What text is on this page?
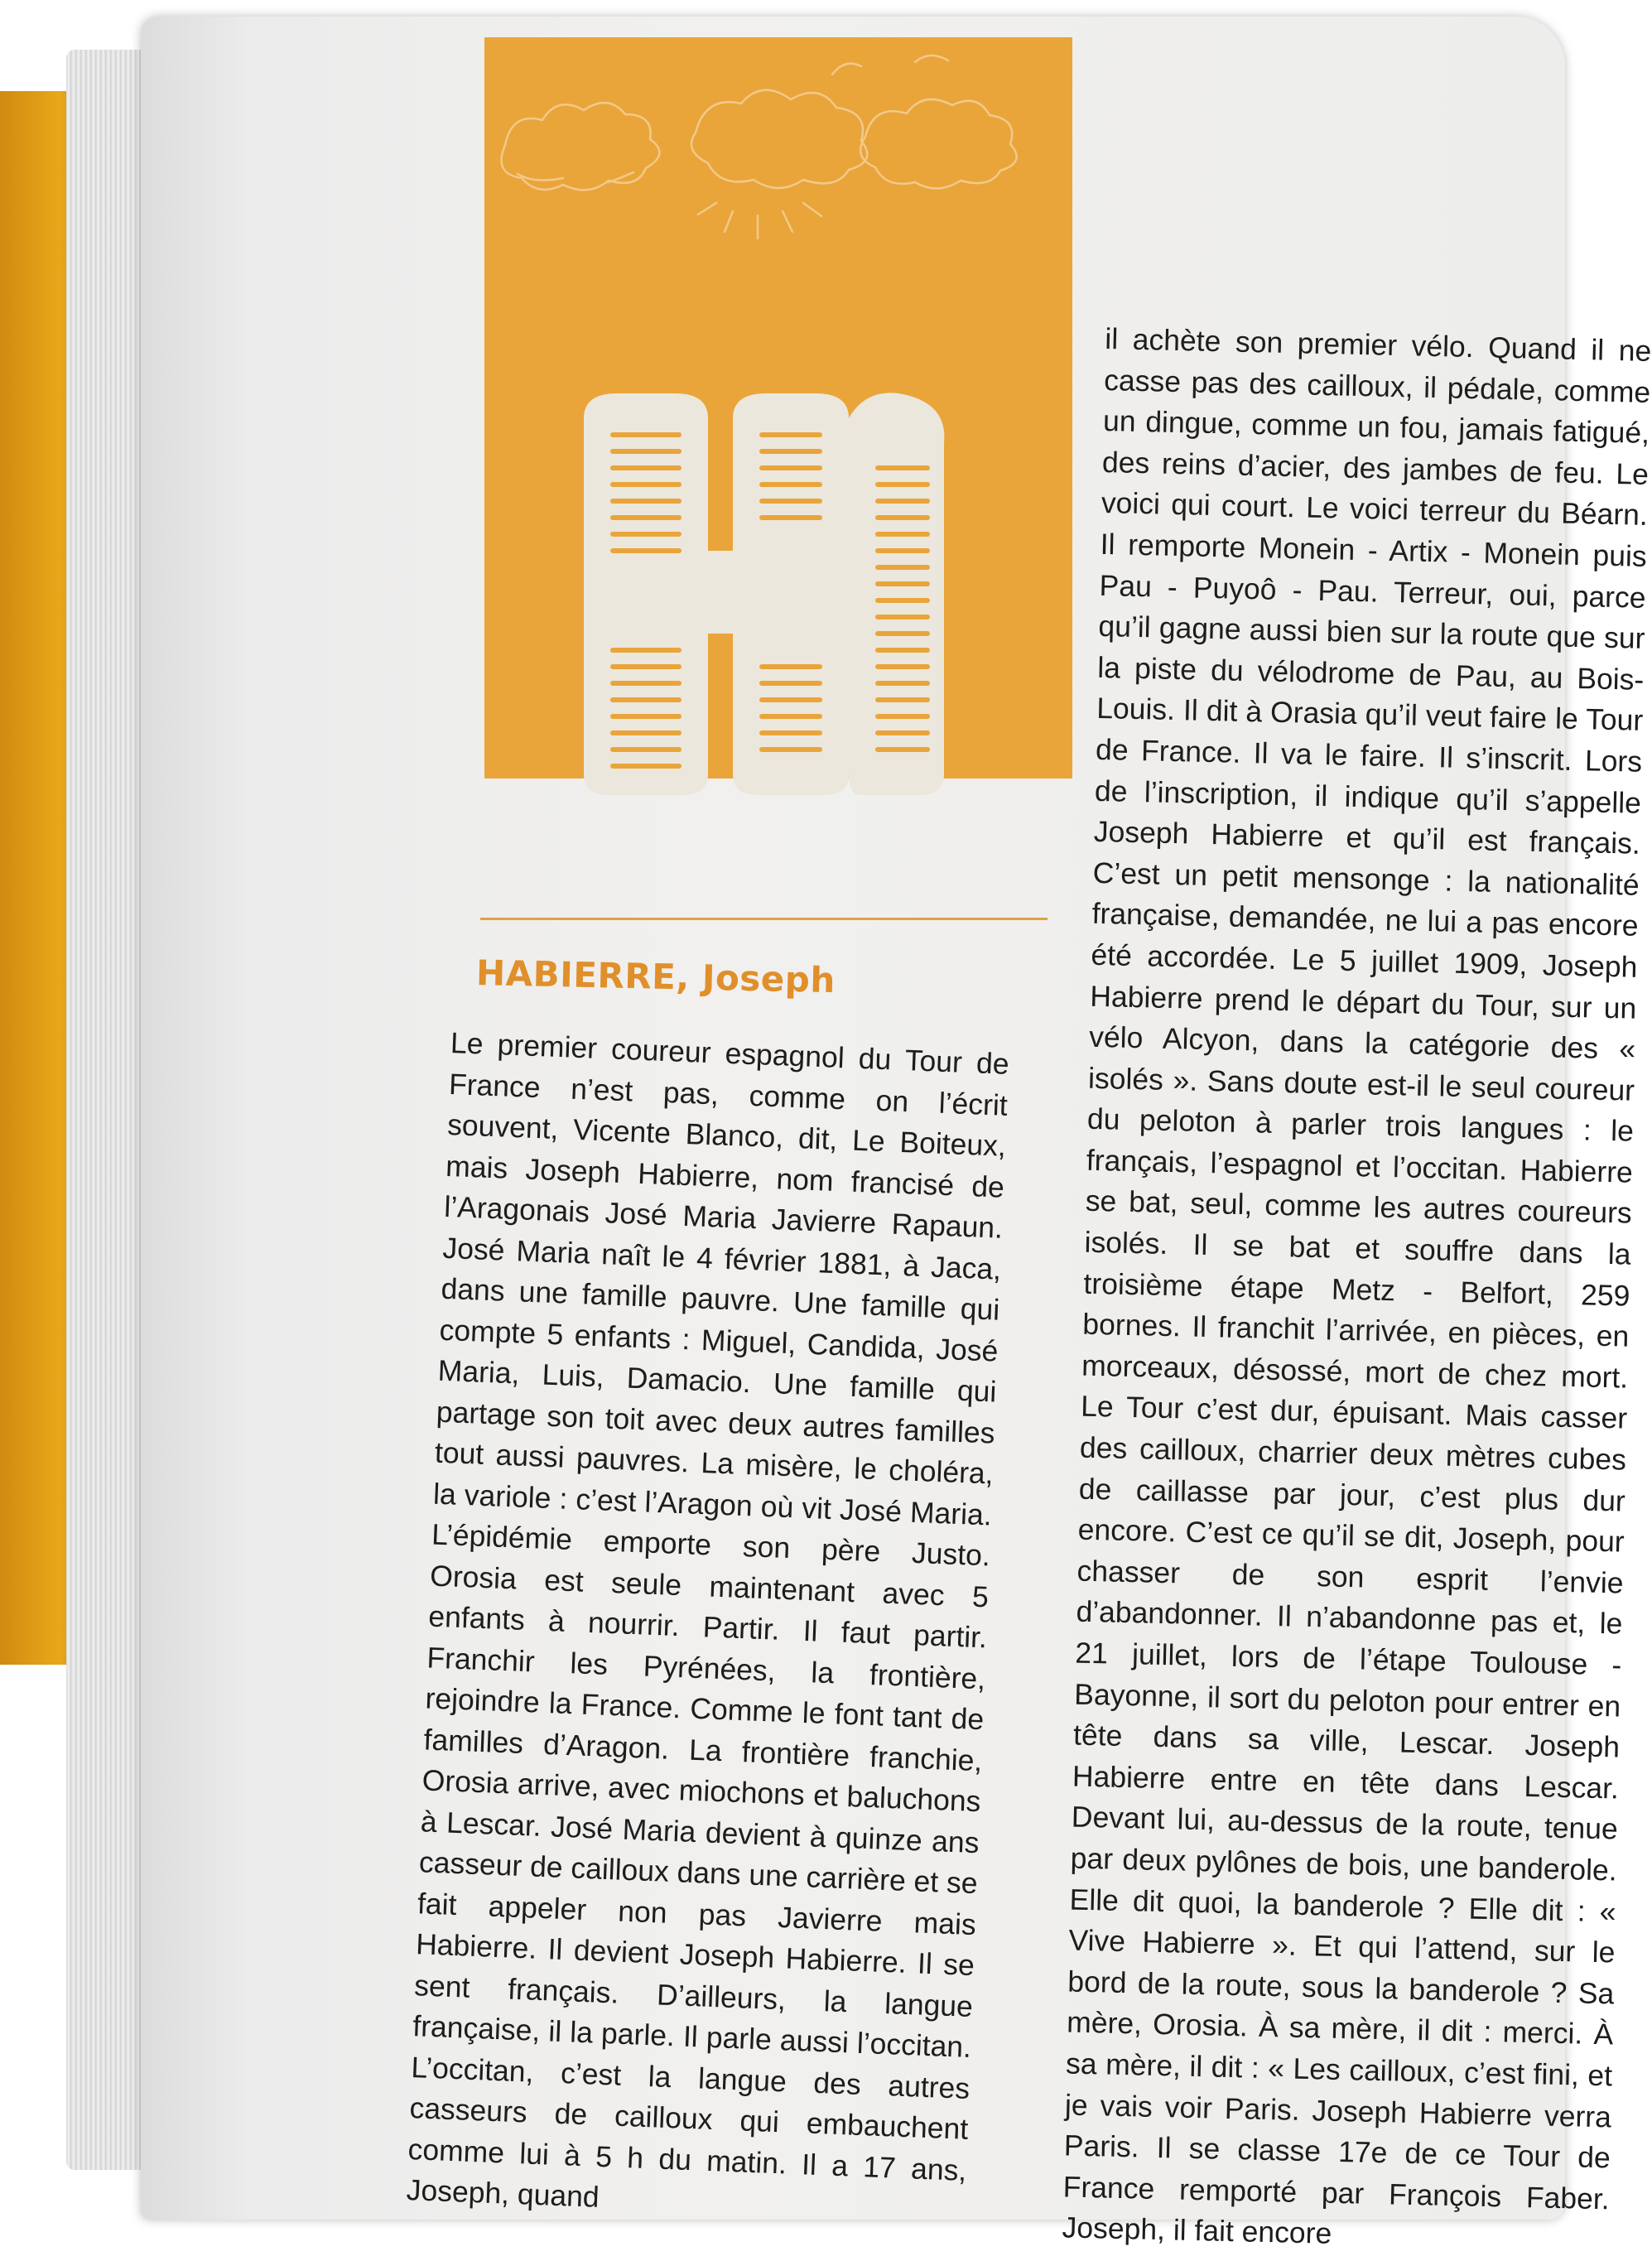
HABIERRE, Joseph

Le premier coureur espagnol du Tour de France n’est pas, comme on l’écrit souvent, Vicente Blanco, dit, Le Boiteux, mais Joseph Habierre, nom francisé de l’Aragonais José Maria Javierre Rapaun. José Maria naît le 4 février 1881, à Jaca, dans une famille pauvre. Une famille qui compte 5 enfants : Miguel, Candida, José Maria, Luis, Damacio. Une famille qui partage son toit avec deux autres familles tout aussi pauvres. La misère, le choléra, la variole : c’est l’Aragon où vit José Maria. L’épidémie emporte son père Justo. Orosia est seule maintenant avec 5 enfants à nourrir. Partir. Il faut partir. Franchir les Pyrénées, la frontière, rejoindre la France. Comme le font tant de familles d’Aragon. La frontière franchie, Orosia arrive, avec miochons et baluchons à Lescar. José Maria devient à quinze ans casseur de cailloux dans une carrière et se fait appeler non pas Javierre mais Habierre. Il devient Joseph Habierre. Il se sent français. D’ailleurs, la langue française, il la parle. Il parle aussi l’occitan. L’occitan, c’est la langue des autres casseurs de cailloux qui embauchent comme lui à 5 h du matin. Il a 17 ans, Joseph, quand

il achète son premier vélo. Quand il ne casse pas des cailloux, il pédale, comme un dingue, comme un fou, jamais fatigué, des reins d’acier, des jambes de feu. Le voici qui court. Le voici terreur du Béarn. Il remporte Monein - Artix - Monein puis Pau - Puyoô - Pau. Terreur, oui, parce qu’il gagne aussi bien sur la route que sur la piste du vélodrome de Pau, au Bois-Louis. Il dit à Orasia qu’il veut faire le Tour de France. Il va le faire. Il s’inscrit. Lors de l’inscription, il indique qu’il s’appelle Joseph Habierre et qu’il est français. C’est un petit mensonge : la nationalité française, demandée, ne lui a pas encore été accordée. Le 5 juillet 1909, Joseph Habierre prend le départ du Tour, sur un vélo Alcyon, dans la catégorie des « isolés ». Sans doute est-il le seul coureur du peloton à parler trois langues : le français, l’espagnol et l’occitan. Habierre se bat, seul, comme les autres coureurs isolés. Il se bat et souffre dans la troisième étape Metz - Belfort, 259 bornes. Il franchit l’arrivée, en pièces, en morceaux, désossé, mort de chez mort. Le Tour c’est dur, épuisant. Mais casser des cailloux, charrier deux mètres cubes de caillasse par jour, c’est plus dur encore. C’est ce qu’il se dit, Joseph, pour chasser de son esprit l’envie d’abandonner. Il n’abandonne pas et, le 21 juillet, lors de l’étape Toulouse - Bayonne, il sort du peloton pour entrer en tête dans sa ville, Lescar. Joseph Habierre entre en tête dans Lescar. Devant lui, au-dessus de la route, tenue par deux pylônes de bois, une banderole. Elle dit quoi, la banderole ? Elle dit : « Vive Habierre ». Et qui l’attend, sur le bord de la route, sous la banderole ? Sa mère, Orosia. À sa mère, il dit : merci. À sa mère, il dit : « Les cailloux, c’est fini, et je vais voir Paris. Joseph Habierre verra Paris. Il se classe 17e de ce Tour de France remporté par François Faber. Joseph, il fait encore
